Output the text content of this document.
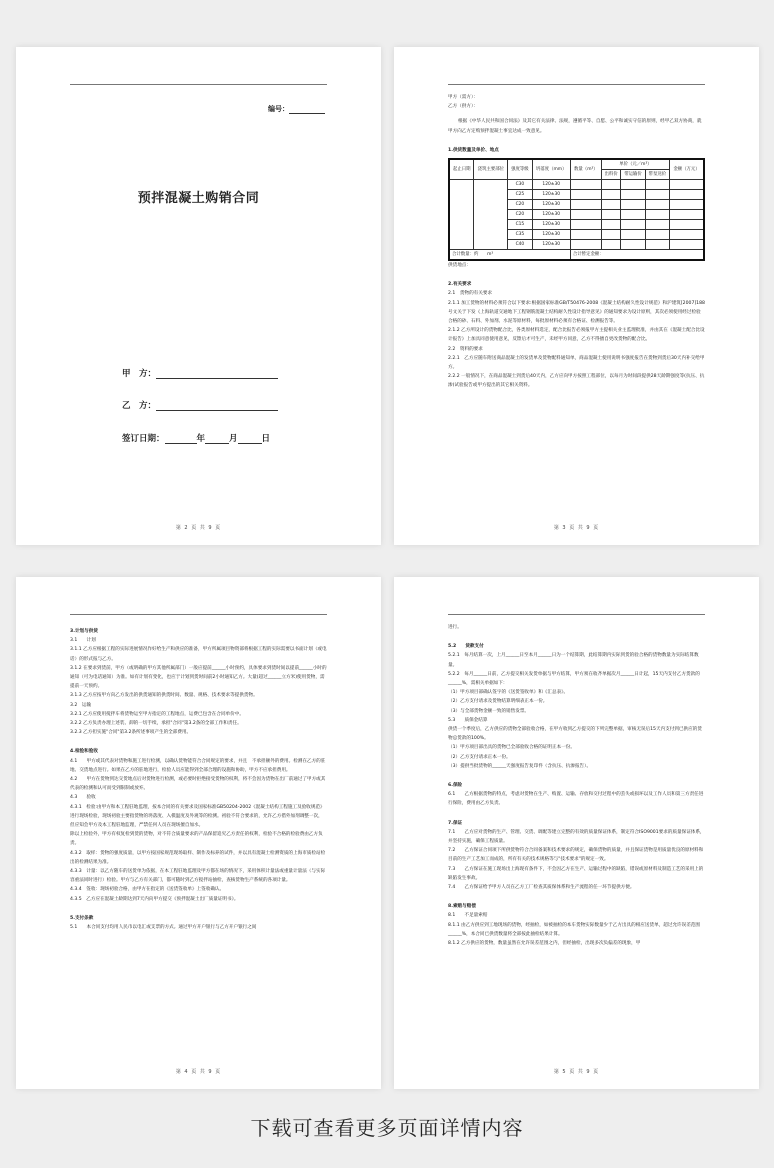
编号：
预拌混凝土购销合同
甲　方：
乙　方：
签订日期：	年	月	日
第 2 页 共 9 页

甲方（需方）：

乙方（供方）：

根据《中华人民共和国合同法》及其它有关法律、法规，遵循平等、自愿、公平和诚实守信的原则，经甲乙双方协商，就甲方向乙方定购预拌混凝土事宜达成一致意见。

1.供货数量及单价、地点

起止日期	浇筑主要部位	强度等级	坍落度（mm）	数量（m³）	单价（元／m³）			金额（万元）
					出料价	带运输价	带泵送价	
		C30	120±30					
		C25	120±30					
		C20	120±30					
		C20	120±30					
		C15	120±30					
		C35	120±30					
		C40	120±30					
合计数量：约　　m³				合计暂定金额：				

供货地点：

2.有关要求

2.1　货物的有关要求

2.1.1 加工货物的材料必须符合以下要求:根据国家标准GB/T50476-2008《混凝土结构耐久性设计规范》和沪建筑[2007]188号文关于下发《上海轨道交通地下工程钢筋混凝土结构耐久性设计指导意见》的通知要求为设计原则，其次必须使用经过检验合格的砂、石料、外加剂、水泥等原材料，每批原材料必须有合格证、检测报告等。

2.1.2 乙方所设计的货物配合比，各类原材料选定，配合比报告必须报甲方主提相关业主监理批准，并由其在《混凝土配合比设计报告》上加具同意使用意见，反馈后才可生产，未经甲方同意，乙方不得擅自更改货物的配合比。

2.2　资料的要求

2.2.1　乙方应随车附送商品混凝土的发货单及货物配料通知单，商品混凝土使用说明书强度报告在货物到货后30天内补交给甲方。

2.2.2 一般情况下，在商品混凝土到货后40天内，乙方应向甲方按照工程部位，以每月为时间段提供28天龄期强度等(抗压、抗渗)试验报告或甲方提出的其它相关资料。

第 3 页 共 9 页

3.计划与供货

3.1　　计划

3.1.1 乙方应根据工程的实际进展情况作好给生产和供应的准备，甲方所属项目物资部将根据工程的实际需要以书面计划（或电话）的形式报与乙方。

3.1.2 在要求到货前，甲方（或明确的甲方其他所属部门）一般应提前______小时预约，具体要求到货时间以提前______小时的通知（可为电话通知）为准。如有计划有变化，也应于计划到货时间前2小时通知乙方。大量(超过______立方米)使用货物，需提前一天预约。

3.1.3 乙方应按甲方向乙方发出的供货通知的供货时间、数量、规格、技术要求等提供货物。

3.2　运输

3.2.1 乙方应使用搅拌车将货物运至甲方指定的工程地点，运费已包含在合同单价中。

3.2.2 乙方负责办理上述装、卸的一切手续，承担"合同"第3.2条的全部工作和责任。

3.2.3 乙方担实施"合同"第3.2条所述事项产生的全部费用。

4.检验和验收

4.1　　甲方或其代表对货物和施工进行检测，以确认货物能符合合同规定的要求，并且　不承担额外的费用。检测在乙方的驻地、交货地点进行。如果在乙方的驻地进行，检验人员应能得到全部合理的设施和协助，甲方不应承担费用。

4.2　　甲方在货物到达交货地点后对货物进行检测，或必要时拒绝接受货物的权利，将不会因为货物在出厂前通过了甲方或其代表的检测和认可而受到限制或放弃。

4.3　　验收

4.3.1　检验:由甲方和本工程驻地监理，按本合同的有关要求及国家标准GB50204-2002《混凝土结构工程施工及验收规范》进行现场检验，现场初验主要指货物的坍落度、入模温度及外观等的检测。初验不符合要求的，允许乙方措外加剂调整一次，但应知会甲方及本工程驻地监理，严禁任何人员在现场擅自加水。

除以上检验外，甲方有权复检到货的货物，对不符合质量要求的产品保留追究乙方责任的权利，检验不合格的检验费由乙方负责。

4.3.2　取样：货物的强度质量，以甲方按国家规范现场取样、制作及标养的试件，并以具有混凝土检测资质的上海市质检站检出的检测结果为准。

4.3.3　计量：以乙方随车的送货单为依据，在本工程驻地监理及甲方都在场的情况下，采用体积计量法或重量计量法（与实际容重法同时进行）检验。甲方与乙方有关部门，都可随时到乙方搅拌站抽检，查核货物生产系统的各项计量。

4.3.4　签收：现场初验合格，由甲方在指定的《送货签收单》上签收确认。

4.3.5　乙方应在混凝土龄期达到7天内向甲方提交《预拌混凝土出厂质量证明书》。

5.支付条款

5.1　　本合同支付均用人民币以电汇或支票的方式。通过甲方开户银行与乙方开户银行之间

第 4 页 共 9 页

进行。

5.2　　货款支付

5.2.1　每月结算一次，上月______日至本月______日为一个结算期，此结算期内实际到货的验合格的货物数量为实际结算数量。

5.2.2　每月______日前，乙方提交相关发货单据与甲方结算，甲方须在收齐单据次月______日计起，15天内支付乙方货款的______%，需相关单据如下：

（1）甲方项目部确认签字的《送货签收单》和《汇总表》。

（2）乙方支付请求及货物结算明细表正本一份。

（3）与全部货物金额一致的销售发票。

5.3　　质保金结算

供货一个季度后，乙方供应的货物全部验收合格，在甲方收到乙方提交的下列完整单据，审核无误后15天内支付到已供应的货物总货款的100%。

（1）甲方项目部出具的货物已全部验收合格的证明正本一份。

（2）乙方支付请求正本一份。

（3）提供当批货物的______天强度报告复印件（含抗压、抗渗报告）。

6.保险

6.1　　乙方根据货物的特点，考虑对货物在生产、购置、运输、存放和交付过程中的丢失或损坏以及工作人员和第三方责任进行保险，费用由乙方负责。

7.保证

7.1　　乙方应对货物的生产、管理、交货、调配等建立完整的有效的质量保证体系，制定符合ISO9001要求的质量保证体系，并坚持实施，确保工程质量。

7.2　　乙方保证合同项下所供货物符合合同备案和技术要求的规定，确保货物的质量，并且保证货物是用质量优良的原材料和目前的生产工艺加工而成的，所有有关的技术规格等与"技术要求"的规定一致。

7.3　　乙方保证在施工现场出上海现有条件下，不会因乙方在生产、运输过程中的缺陷，错误或原材料及制造工艺的采用上的缺陷发生事故。

7.4　　乙方保证给予甲方人员在乙方工厂检查其质保体系和生产流程的任一环节提供方便。

8.索赔与赔偿

8.1　　不足量索赔

8.1.1 由乙方供应到工地现场的货物，经抽检，如被抽检的本车货物实际数量少于乙方出具的相应送货单，超过允许误差范围______%，本合同已供货数量将全部按此抽检结果计算。

8.1.2 乙方供应的货物，数量虽然在允许误差范围之内，但经抽检，出现多次负偏差的现象，甲

第 5 页 共 9 页
下载可查看更多页面详情内容
